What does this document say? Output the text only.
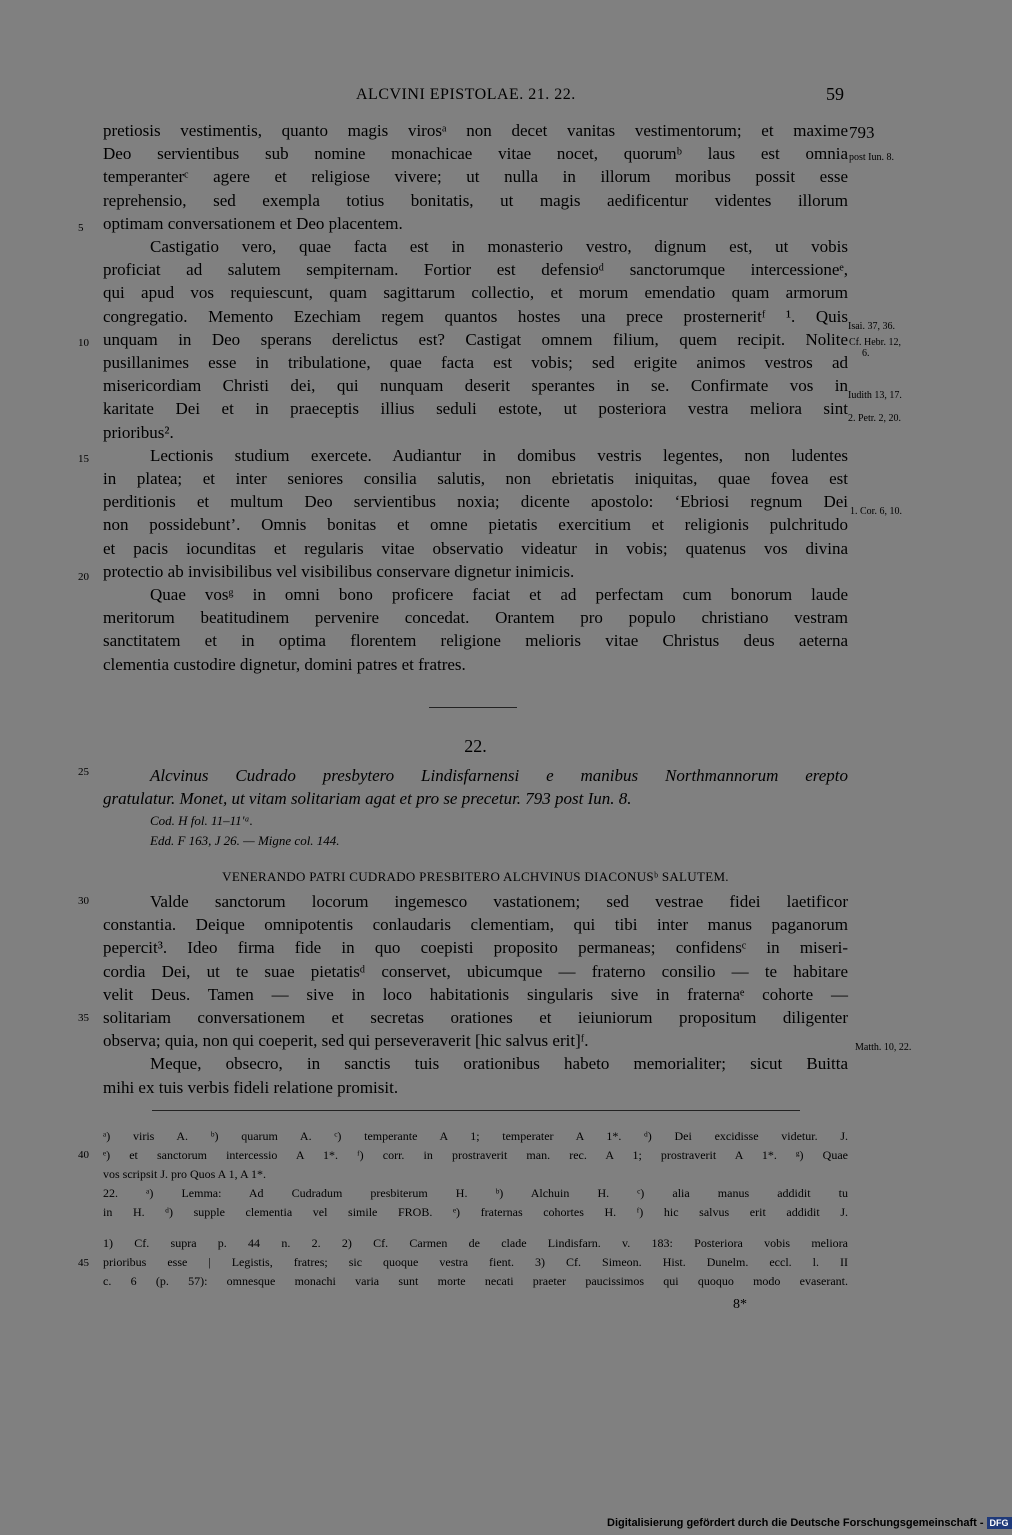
ALCVINI EPISTOLAE. 21. 22.	59
pretiosis vestimentis, quanto magis virosᵃ non decet vanitas vestimentorum; et maxime
Deo servientibus sub nomine monachicae vitae nocet, quorumᵇ laus est omnia
temperanterᶜ agere et religiose vivere; ut nulla in illorum moribus possit esse
reprehensio, sed exempla totius bonitatis, ut magis aedificentur videntes illorum
optimam conversationem et Deo placentem.
Castigatio vero, quae facta est in monasterio vestro, dignum est, ut vobis
proficiat ad salutem sempiternam. Fortior est defensioᵈ sanctorumque intercessioneᵉ,
qui apud vos requiescunt, quam sagittarum collectio, et morum emendatio quam armorum
congregatio. Memento Ezechiam regem quantos hostes una prece prosterneritᶠ ¹. Quis
unquam in Deo sperans derelictus est? Castigat omnem filium, quem recipit. Nolite
pusillanimes esse in tribulatione, quae facta est vobis; sed erigite animos vestros ad
misericordiam Christi dei, qui nunquam deserit sperantes in se. Confirmate vos in
karitate Dei et in praeceptis illius seduli estote, ut posteriora vestra meliora sint
prioribus².
Lectionis studium exercete. Audiantur in domibus vestris legentes, non ludentes
in platea; et inter seniores consilia salutis, non ebrietatis iniquitas, quae fovea est
perditionis et multum Deo servientibus noxia; dicente apostolo: ‘Ebriosi regnum Dei
non possidebunt’. Omnis bonitas et omne pietatis exercitium et religionis pulchritudo
et pacis iocunditas et regularis vitae observatio videatur in vobis; quatenus vos divina
protectio ab invisibilibus vel visibilibus conservare dignetur inimicis.
Quae vosᵍ in omni bono proficere faciat et ad perfectam cum bonorum laude
meritorum beatitudinem pervenire concedat. Orantem pro populo christiano vestram
sanctitatem et in optima florentem religione melioris vitae Christus deus aeterna
clementia custodire dignetur, domini patres et fratres.
5
10
15
20
25
30
35
40
45
793
post Iun. 8.
Isai. 37, 36.
Cf. Hebr. 12,
6.
Iudith 13, 17.
2. Petr. 2, 20.
1. Cor. 6, 10.
Matth. 10, 22.
22.
Alcvinus Cudrado presbytero Lindisfarnensi e manibus Northmannorum erepto
gratulatur. Monet, ut vitam solitariam agat et pro se precetur. 793 post Iun. 8.
Cod. H fol. 11–11′ᵃ.
Edd. F 163, J 26. — Migne col. 144.
VENERANDO PATRI CUDRADO PRESBITERO ALCHVINUS DIACONUSᵇ SALUTEM.
Valde sanctorum locorum ingemesco vastationem; sed vestrae fidei laetificor
constantia. Deique omnipotentis conlaudaris clementiam, qui tibi inter manus paganorum
pepercit³. Ideo firma fide in quo coepisti proposito permaneas; confidensᶜ in miseri-
cordia Dei, ut te suae pietatisᵈ conservet, ubicumque — fraterno consilio — te habitare
velit Deus. Tamen — sive in loco habitationis singularis sive in fraternaᵉ cohorte —
solitariam conversationem et secretas orationes et ieiuniorum propositum diligenter
observa; quia, non qui coeperit, sed qui perseveraverit [hic salvus erit]ᶠ.
Meque, obsecro, in sanctis tuis orationibus habeto memorialiter; sicut Buitta
mihi ex tuis verbis fideli relatione promisit.
ᵃ) viris A. ᵇ) quarum A. ᶜ) temperante A 1; temperater A 1*. ᵈ) Dei excidisse videtur. J.
ᵉ) et sanctorum intercessio A 1*. ᶠ) corr. in prostraverit man. rec. A 1; prostraverit A 1*. ᵍ) Quae
vos scripsit J. pro Quos A 1, A 1*.
22. ᵃ) Lemma: Ad Cudradum presbiterum H. ᵇ) Alchuin H. ᶜ) alia manus addidit tu
in H. ᵈ) supple clementia vel simile FROB. ᵉ) fraternas cohortes H. ᶠ) hic salvus erit addidit J.
1) Cf. supra p. 44 n. 2. 2) Cf. Carmen de clade Lindisfarn. v. 183: Posteriora vobis meliora
prioribus esse | Legistis, fratres; sic quoque vestra fient. 3) Cf. Simeon. Hist. Dunelm. eccl. l. II
c. 6 (p. 57): omnesque monachi varia sunt morte necati praeter paucissimos qui quoquo modo evaserant.
8*
Digitalisierung gefördert durch die Deutsche Forschungsgemeinschaft - DFG
